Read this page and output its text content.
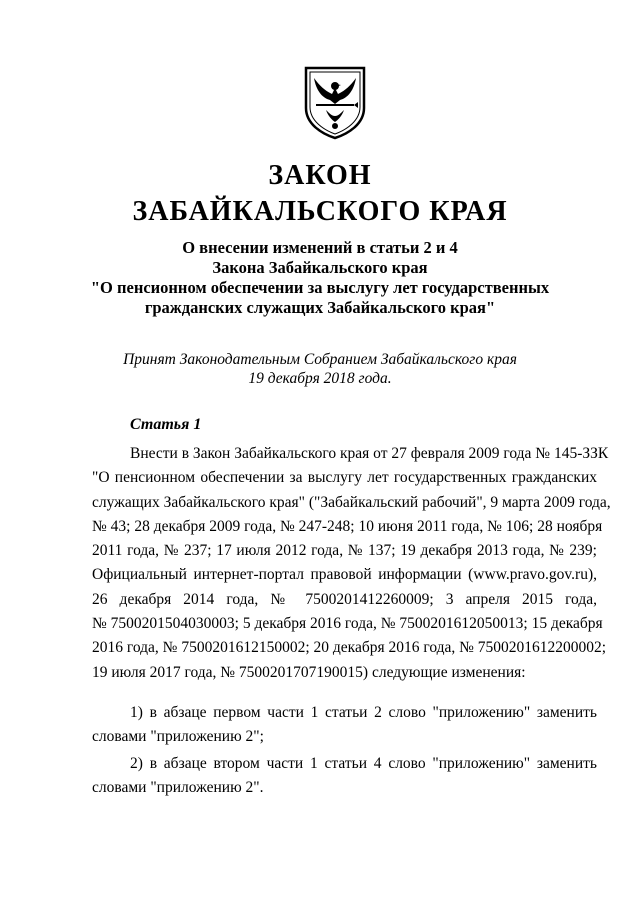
ЗАКОН
ЗАБАЙКАЛЬСКОГО КРАЯ
О внесении изменений в статьи 2 и 4
Закона Забайкальского края
"О пенсионном обеспечении за выслугу лет государственных
гражданских служащих Забайкальского края"
Принят Законодательным Собранием Забайкальского края
19 декабря 2018 года.
Статья 1
Внести в Закон Забайкальского края от 27 февраля 2009 года № 145-ЗЗК
"О пенсионном обеспечении за выслугу лет государственных гражданских
служащих Забайкальского края" ("Забайкальский рабочий", 9 марта 2009 года,
№ 43; 28 декабря 2009 года, № 247-248; 10 июня 2011 года, № 106; 28 ноября
2011 года, № 237; 17 июля 2012 года, № 137; 19 декабря 2013 года, № 239;
Официальный интернет-портал правовой информации (www.pravo.gov.ru),
26 декабря 2014 года, № 7500201412260009; 3 апреля 2015 года,
№ 7500201504030003; 5 декабря 2016 года, № 7500201612050013; 15 декабря
2016 года, № 7500201612150002; 20 декабря 2016 года, № 7500201612200002;
19 июля 2017 года, № 7500201707190015) следующие изменения:
1) в абзаце первом части 1 статьи 2 слово "приложению" заменить
словами "приложению 2";
2) в абзаце втором части 1 статьи 4 слово "приложению" заменить
словами "приложению 2".
